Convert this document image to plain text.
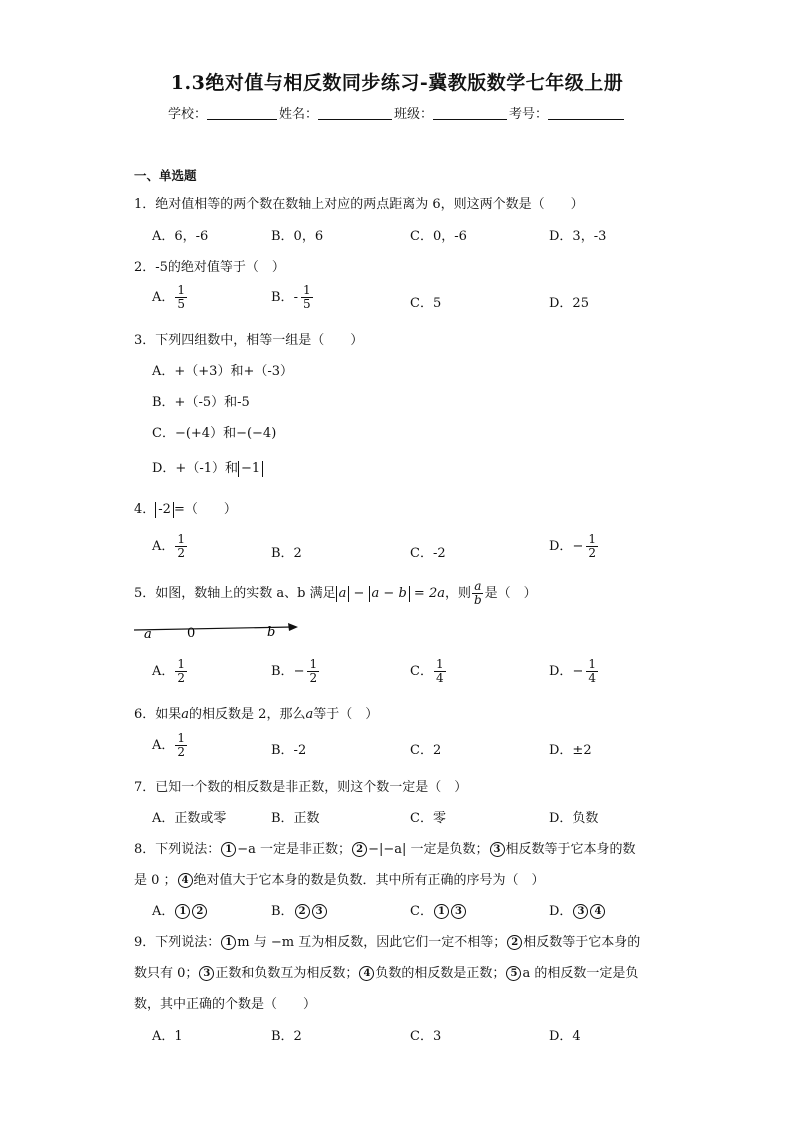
1.3绝对值与相反数同步练习-冀教版数学七年级上册
学校：	姓名：	班级：	考号：
一、单选题
1．绝对值相等的两个数在数轴上对应的两点距离为 6，则这两个数是（　　）
A．6，-6	B．0，6	C．0，-6	D．3，-3
2．-5的绝对值等于（　）
A． $\frac{1}{5}$	B．- $\frac{1}{5}$	C．5	D．25
3．下列四组数中，相等一组是（　　）
A．+（+3）和+（-3）
B．+（-5）和-5
C．−(+4）和−(−4)
D．+（-1）和 −1
4． -2 =（　　）
A． $\frac{1}{2}$	B．2	C．-2	D．− $\frac{1}{2}$
5．如图，数轴上的实数 a、b 满足 a − a − b = 2a，则 $\frac{a}{b}$ 是（　）
a	0	b
A． $\frac{1}{2}$	B．− $\frac{1}{2}$	C． $\frac{1}{4}$	D．− $\frac{1}{4}$
6．如果a的相反数是 2，那么a等于（　）
A． $\frac{1}{2}$	B．-2	C．2	D．±2
7．已知一个数的相反数是非正数，则这个数一定是（　）
A．正数或零	B．正数	C．零	D．负数
8．下列说法： 1 −a 一定是非正数； 2 −|−a| 一定是负数； 3 相反数等于它本身的数
是 0 ； 4 绝对值大于它本身的数是负数．其中所有正确的序号为（　）
A． 1 2	B． 2 3	C． 1 3	D． 3 4
9．下列说法： 1 m 与 −m 互为相反数，因此它们一定不相等； 2 相反数等于它本身的
数只有 0； 3 正数和负数互为相反数； 4 负数的相反数是正数； 5 a 的相反数一定是负
数，其中正确的个数是（　　）
A．1	B．2	C．3	D．4
